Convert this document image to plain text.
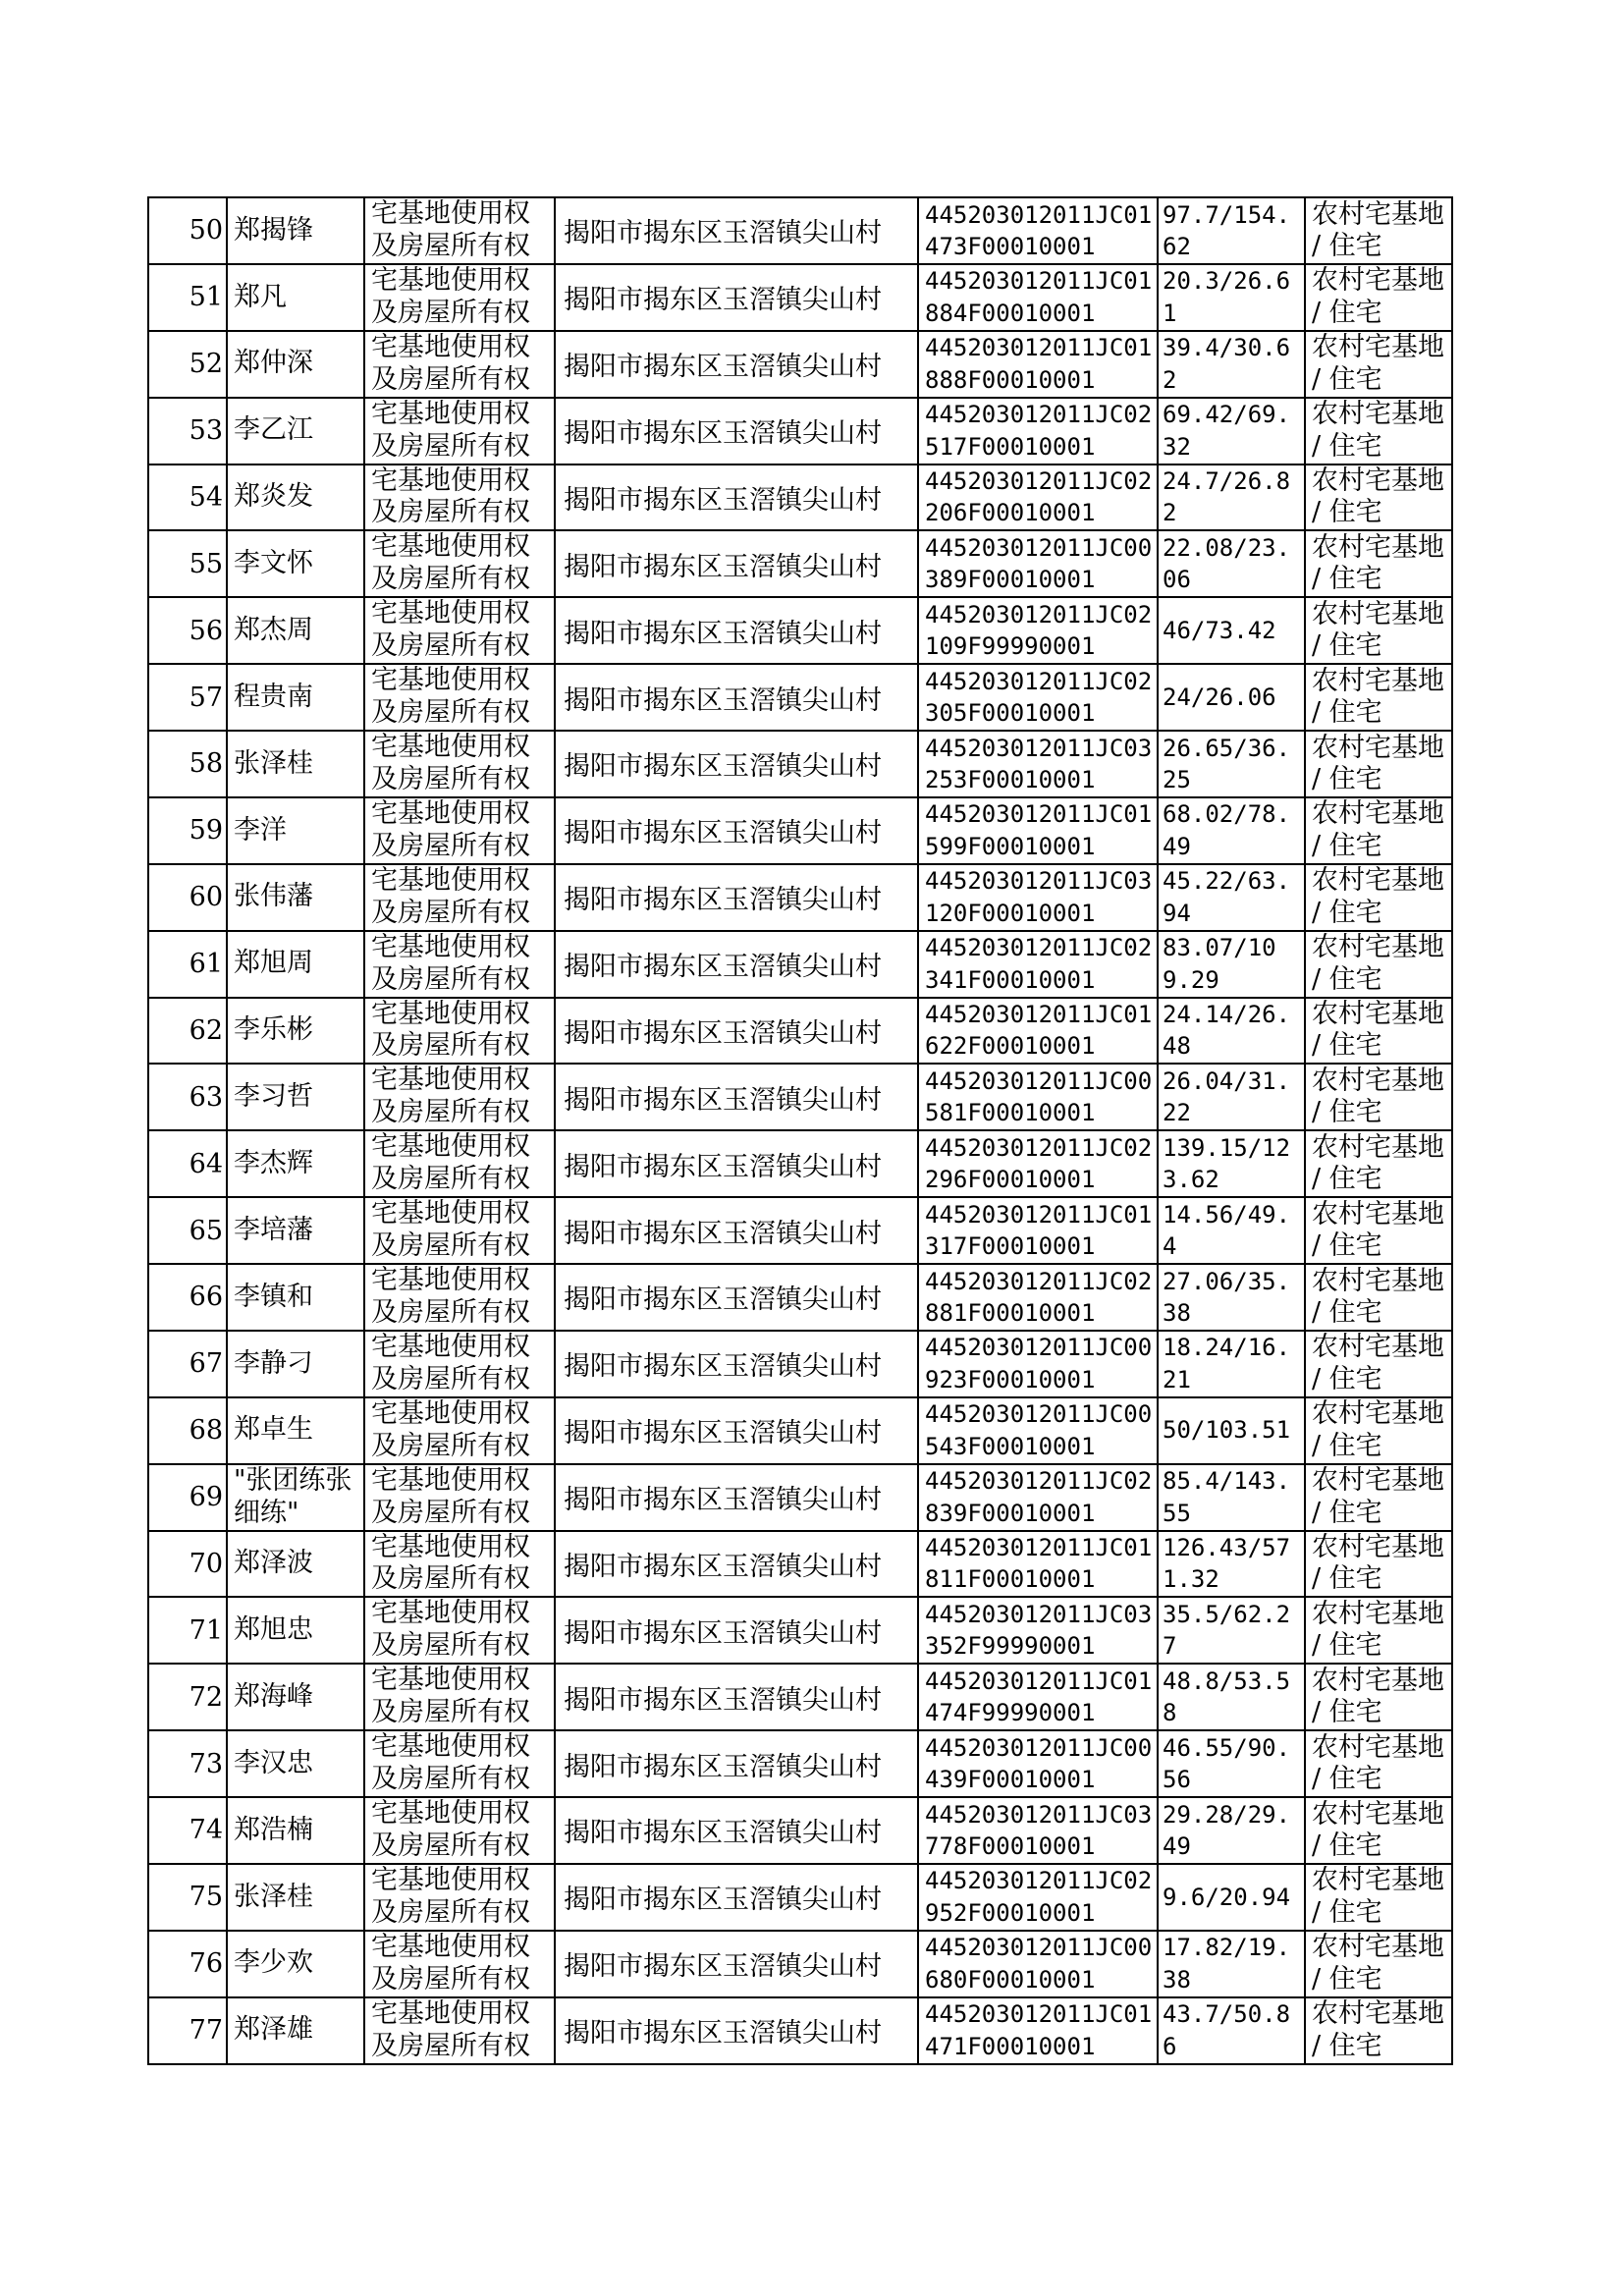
50	郑揭锋	宅基地使用权及房屋所有权	揭阳市揭东区玉滘镇尖山村	445203012011JC01473F00010001	97.7/154.62	农村宅基地 / 住宅

51	郑凡	宅基地使用权及房屋所有权	揭阳市揭东区玉滘镇尖山村	445203012011JC01884F00010001	20.3/26.61	农村宅基地 / 住宅

52	郑仲深	宅基地使用权及房屋所有权	揭阳市揭东区玉滘镇尖山村	445203012011JC01888F00010001	39.4/30.62	农村宅基地 / 住宅

53	李乙江	宅基地使用权及房屋所有权	揭阳市揭东区玉滘镇尖山村	445203012011JC02517F00010001	69.42/69.32	农村宅基地 / 住宅

54	郑炎发	宅基地使用权及房屋所有权	揭阳市揭东区玉滘镇尖山村	445203012011JC02206F00010001	24.7/26.82	农村宅基地 / 住宅

55	李文怀	宅基地使用权及房屋所有权	揭阳市揭东区玉滘镇尖山村	445203012011JC00389F00010001	22.08/23.06	农村宅基地 / 住宅

56	郑杰周	宅基地使用权及房屋所有权	揭阳市揭东区玉滘镇尖山村	445203012011JC02109F99990001	46/73.42	农村宅基地 / 住宅

57	程贵南	宅基地使用权及房屋所有权	揭阳市揭东区玉滘镇尖山村	445203012011JC02305F00010001	24/26.06	农村宅基地 / 住宅

58	张泽桂	宅基地使用权及房屋所有权	揭阳市揭东区玉滘镇尖山村	445203012011JC03253F00010001	26.65/36.25	农村宅基地 / 住宅

59	李洋	宅基地使用权及房屋所有权	揭阳市揭东区玉滘镇尖山村	445203012011JC01599F00010001	68.02/78.49	农村宅基地 / 住宅

60	张伟藩	宅基地使用权及房屋所有权	揭阳市揭东区玉滘镇尖山村	445203012011JC03120F00010001	45.22/63.94	农村宅基地 / 住宅

61	郑旭周	宅基地使用权及房屋所有权	揭阳市揭东区玉滘镇尖山村	445203012011JC02341F00010001	83.07/109.29	农村宅基地 / 住宅

62	李乐彬	宅基地使用权及房屋所有权	揭阳市揭东区玉滘镇尖山村	445203012011JC01622F00010001	24.14/26.48	农村宅基地 / 住宅

63	李习哲	宅基地使用权及房屋所有权	揭阳市揭东区玉滘镇尖山村	445203012011JC00581F00010001	26.04/31.22	农村宅基地 / 住宅

64	李杰辉	宅基地使用权及房屋所有权	揭阳市揭东区玉滘镇尖山村	445203012011JC02296F00010001	139.15/123.62	农村宅基地 / 住宅

65	李培藩	宅基地使用权及房屋所有权	揭阳市揭东区玉滘镇尖山村	445203012011JC01317F00010001	14.56/49.4	农村宅基地 / 住宅

66	李镇和	宅基地使用权及房屋所有权	揭阳市揭东区玉滘镇尖山村	445203012011JC02881F00010001	27.06/35.38	农村宅基地 / 住宅

67	李静刁	宅基地使用权及房屋所有权	揭阳市揭东区玉滘镇尖山村	445203012011JC00923F00010001	18.24/16.21	农村宅基地 / 住宅

68	郑卓生	宅基地使用权及房屋所有权	揭阳市揭东区玉滘镇尖山村	445203012011JC00543F00010001	50/103.51	农村宅基地 / 住宅

69	"张团练张细练"	宅基地使用权及房屋所有权	揭阳市揭东区玉滘镇尖山村	445203012011JC02839F00010001	85.4/143.55	农村宅基地 / 住宅

70	郑泽波	宅基地使用权及房屋所有权	揭阳市揭东区玉滘镇尖山村	445203012011JC01811F00010001	126.43/571.32	农村宅基地 / 住宅

71	郑旭忠	宅基地使用权及房屋所有权	揭阳市揭东区玉滘镇尖山村	445203012011JC03352F99990001	35.5/62.27	农村宅基地 / 住宅

72	郑海峰	宅基地使用权及房屋所有权	揭阳市揭东区玉滘镇尖山村	445203012011JC01474F99990001	48.8/53.58	农村宅基地 / 住宅

73	李汉忠	宅基地使用权及房屋所有权	揭阳市揭东区玉滘镇尖山村	445203012011JC00439F00010001	46.55/90.56	农村宅基地 / 住宅

74	郑浩楠	宅基地使用权及房屋所有权	揭阳市揭东区玉滘镇尖山村	445203012011JC03778F00010001	29.28/29.49	农村宅基地 / 住宅

75	张泽桂	宅基地使用权及房屋所有权	揭阳市揭东区玉滘镇尖山村	445203012011JC02952F00010001	9.6/20.94	农村宅基地 / 住宅

76	李少欢	宅基地使用权及房屋所有权	揭阳市揭东区玉滘镇尖山村	445203012011JC00680F00010001	17.82/19.38	农村宅基地 / 住宅

77	郑泽雄	宅基地使用权及房屋所有权	揭阳市揭东区玉滘镇尖山村	445203012011JC01471F00010001	43.7/50.86	农村宅基地 / 住宅
